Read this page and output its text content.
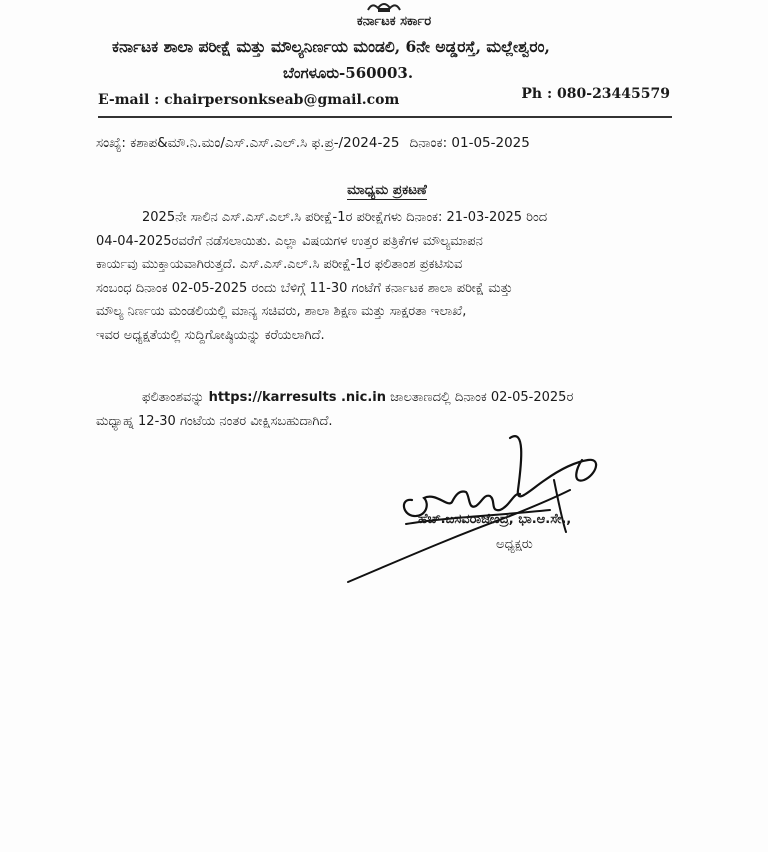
ಕರ್ನಾಟಕ ಸರ್ಕಾರ
ಕರ್ನಾಟಕ ಶಾಲಾ ಪರೀಕ್ಷೆ ಮತ್ತು ಮೌಲ್ಯನಿರ್ಣಯ ಮಂಡಲಿ, 6ನೇ ಅಡ್ಡರಸ್ತೆ, ಮಲ್ಲೇಶ್ವರಂ,
ಬೆಂಗಳೂರು-560003.
E-mail : chairpersonkseab@gmail.com	Ph : 080-23445579
ಸಂಖ್ಯೆ: ಕಶಾಪ&ಮೌ.ನಿ.ಮಂ/ಎಸ್.ಎಸ್.ಎಲ್.ಸಿ ಫ.ಪ್ರ-/2024-25 ದಿನಾಂಕ: 01-05-2025
ಮಾಧ್ಯಮ ಪ್ರಕಟಣೆ
2025ನೇ ಸಾಲಿನ ಎಸ್.ಎಸ್.ಎಲ್.ಸಿ ಪರೀಕ್ಷೆ-1ರ ಪರೀಕ್ಷೆಗಳು ದಿನಾಂಕ: 21-03-2025 ರಿಂದ
04-04-2025ರವರೆಗೆ ನಡೆಸಲಾಯಿತು. ಎಲ್ಲಾ ವಿಷಯಗಳ ಉತ್ತರ ಪತ್ರಿಕೆಗಳ ಮೌಲ್ಯಮಾಪನ
ಕಾರ್ಯವು ಮುಕ್ತಾಯವಾಗಿರುತ್ತದೆ. ಎಸ್.ಎಸ್.ಎಲ್.ಸಿ ಪರೀಕ್ಷೆ-1ರ ಫಲಿತಾಂಶ ಪ್ರಕಟಿಸುವ
ಸಂಬಂಧ ದಿನಾಂಕ 02-05-2025 ರಂದು ಬೆಳಿಗ್ಗೆ 11-30 ಗಂಟೆಗೆ ಕರ್ನಾಟಕ ಶಾಲಾ ಪರೀಕ್ಷೆ ಮತ್ತು
ಮೌಲ್ಯ ನಿರ್ಣಯ ಮಂಡಲಿಯಲ್ಲಿ ಮಾನ್ಯ ಸಚಿವರು, ಶಾಲಾ ಶಿಕ್ಷಣ ಮತ್ತು ಸಾಕ್ಷರತಾ ಇಲಾಖೆ,
ಇವರ ಅಧ್ಯಕ್ಷತೆಯಲ್ಲಿ ಸುದ್ದಿಗೋಷ್ಠಿಯನ್ನು ಕರೆಯಲಾಗಿದೆ.
ಫಲಿತಾಂಶವನ್ನು https://karresults .nic.in ಜಾಲತಾಣದಲ್ಲಿ ದಿನಾಂಕ 02-05-2025ರ
ಮಧ್ಯಾಹ್ನ 12-30 ಗಂಟೆಯ ನಂತರ ವೀಕ್ಷಿಸಬಹುದಾಗಿದೆ.
ಹೆಚ್.ಬಸವರಾಜೇಂದ್ರ, ಭಾ.ಆ.ಸೇ.,
ಅಧ್ಯಕ್ಷರು
